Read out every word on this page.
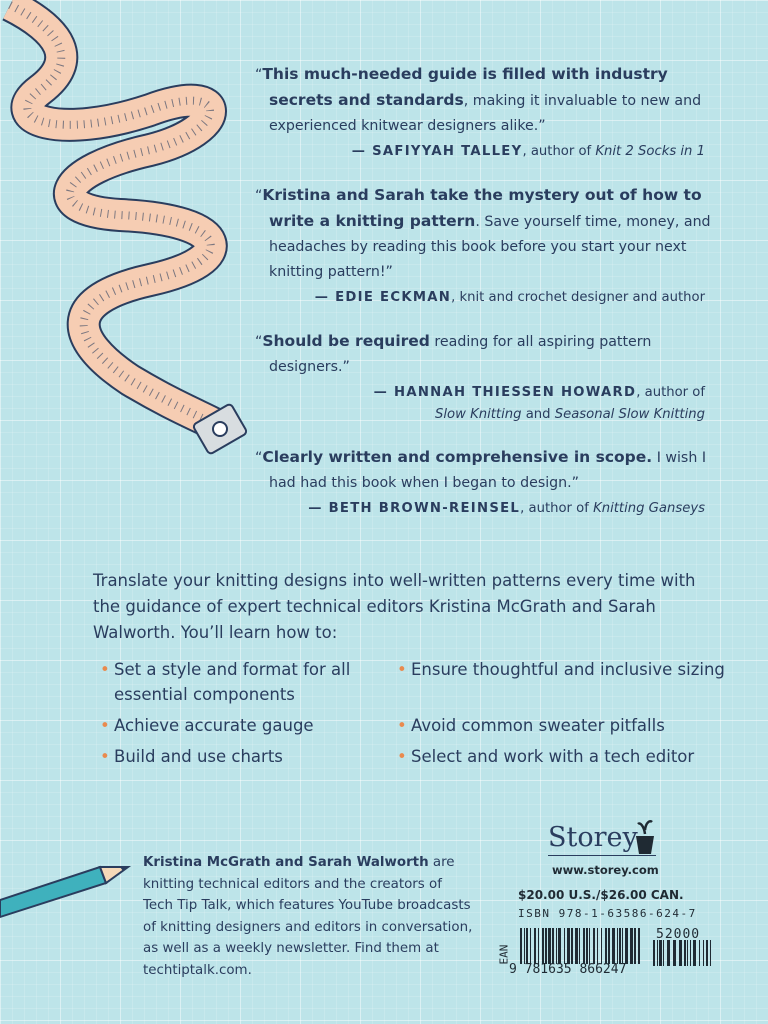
“This much-needed guide is filled with industry secrets and standards, making it invaluable to new and experienced knitwear designers alike.”

— SAFIYYAH TALLEY, author of Knit 2 Socks in 1

“Kristina and Sarah take the mystery out of how to write a knitting pattern. Save yourself time, money, and headaches by reading this book before you start your next knitting pattern!”

— EDIE ECKMAN, knit and crochet designer and author

“Should be required reading for all aspiring pattern designers.”

— HANNAH THIESSEN HOWARD, author of
Slow Knitting and Seasonal Slow Knitting

“Clearly written and comprehensive in scope. I wish I had had this book when I began to design.”

— BETH BROWN-REINSEL, author of Knitting Ganseys
Translate your knitting designs into well-written patterns every time with the guidance of expert technical editors Kristina McGrath and Sarah Walworth. You’ll learn how to:
• Set a style and format for all essential components
• Achieve accurate gauge
• Build and use charts
• Ensure thoughtful and inclusive sizing
• Avoid common sweater pitfalls
• Select and work with a tech editor
Kristina McGrath and Sarah Walworth are knitting technical editors and the creators of Tech Tip Talk, which features YouTube broadcasts of knitting designers and editors in conversation, as well as a weekly newsletter. Find them at techtiptalk.com.
Storey
www.storey.com
$20.00 U.S./$26.00 CAN.
ISBN 978-1-63586-624-7
EAN
9 781635 866247
52000
